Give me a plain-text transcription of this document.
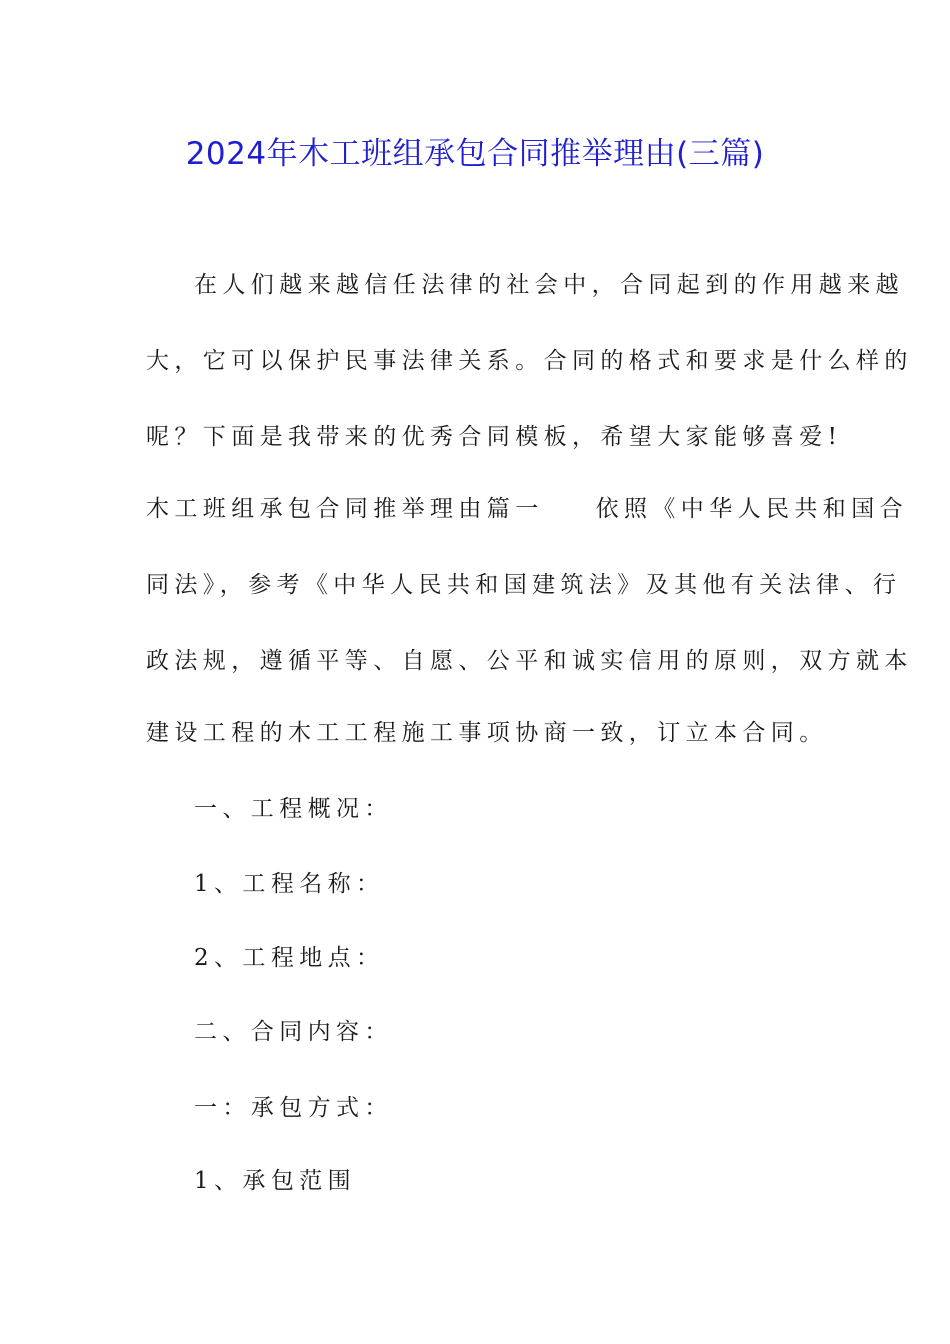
2024年木工班组承包合同推举理由(三篇)
在人们越来越信任法律的社会中，合同起到的作用越来越
大，它可以保护民事法律关系。合同的格式和要求是什么样的
呢？下面是我带来的优秀合同模板，希望大家能够喜爱!
木工班组承包合同推举理由篇一 依照《中华人民共和国合
同法》，参考《中华人民共和国建筑法》及其他有关法律、行
政法规，遵循平等、自愿、公平和诚实信用的原则，双方就本
建设工程的木工工程施工事项协商一致，订立本合同。
一、工程概况：
1、工程名称：
2、工程地点：
二、合同内容：
一：承包方式：
1、承包范围
